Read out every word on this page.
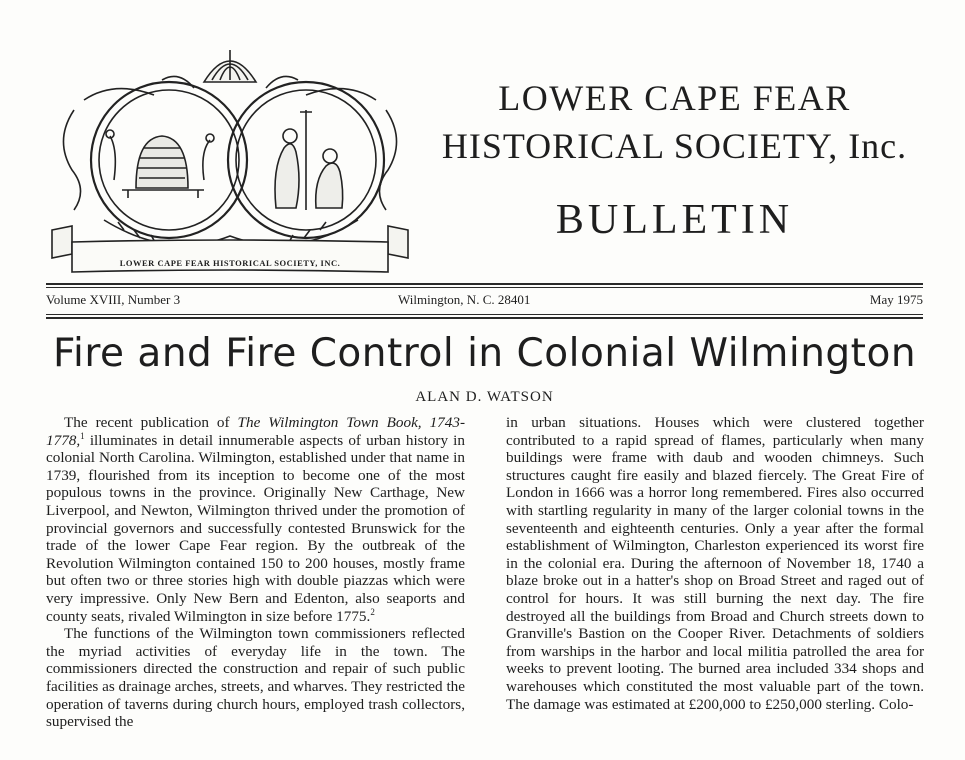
LOWER CAPE FEAR HISTORICAL SOCIETY, INC.
LOWER CAPE FEAR
HISTORICAL SOCIETY, Inc.
BULLETIN
Volume XVIII, Number 3	Wilmington, N. C. 28401	May 1975
Fire and Fire Control in Colonial Wilmington
ALAN D. WATSON

The recent publication of The Wilmington Town Book, 1743-1778,$^1$ illuminates in detail innumerable aspects of urban history in colonial North Carolina. Wilmington, established under that name in 1739, flourished from its inception to become one of the most populous towns in the province. Originally New Carthage, New Liverpool, and Newton, Wilmington thrived under the promotion of provincial governors and successfully contested Brunswick for the trade of the lower Cape Fear region. By the outbreak of the Revolution Wilmington contained 150 to 200 houses, mostly frame but often two or three stories high with double piazzas which were very impressive. Only New Bern and Edenton, also seaports and county seats, rivaled Wilmington in size before 1775.$^2$

The functions of the Wilmington town commissioners reflected the myriad activities of everyday life in the town. The commissioners directed the construction and repair of such public facilities as drainage arches, streets, and wharves. They restricted the operation of taverns during church hours, employed trash collectors, supervised the

in urban situations. Houses which were clustered together contributed to a rapid spread of flames, particularly when many buildings were frame with daub and wooden chimneys. Such structures caught fire easily and blazed fiercely. The Great Fire of London in 1666 was a horror long remembered. Fires also occurred with startling regularity in many of the larger colonial towns in the seventeenth and eighteenth centuries. Only a year after the formal establishment of Wilmington, Charleston experienced its worst fire in the colonial era. During the afternoon of November 18, 1740 a blaze broke out in a hatter's shop on Broad Street and raged out of control for hours. It was still burning the next day. The fire destroyed all the buildings from Broad and Church streets down to Granville's Bastion on the Cooper River. Detachments of soldiers from warships in the harbor and local militia patrolled the area for weeks to prevent looting. The burned area included 334 shops and warehouses which constituted the most valuable part of the town. The damage was estimated at £200,000 to £250,000 sterling. Colo-
